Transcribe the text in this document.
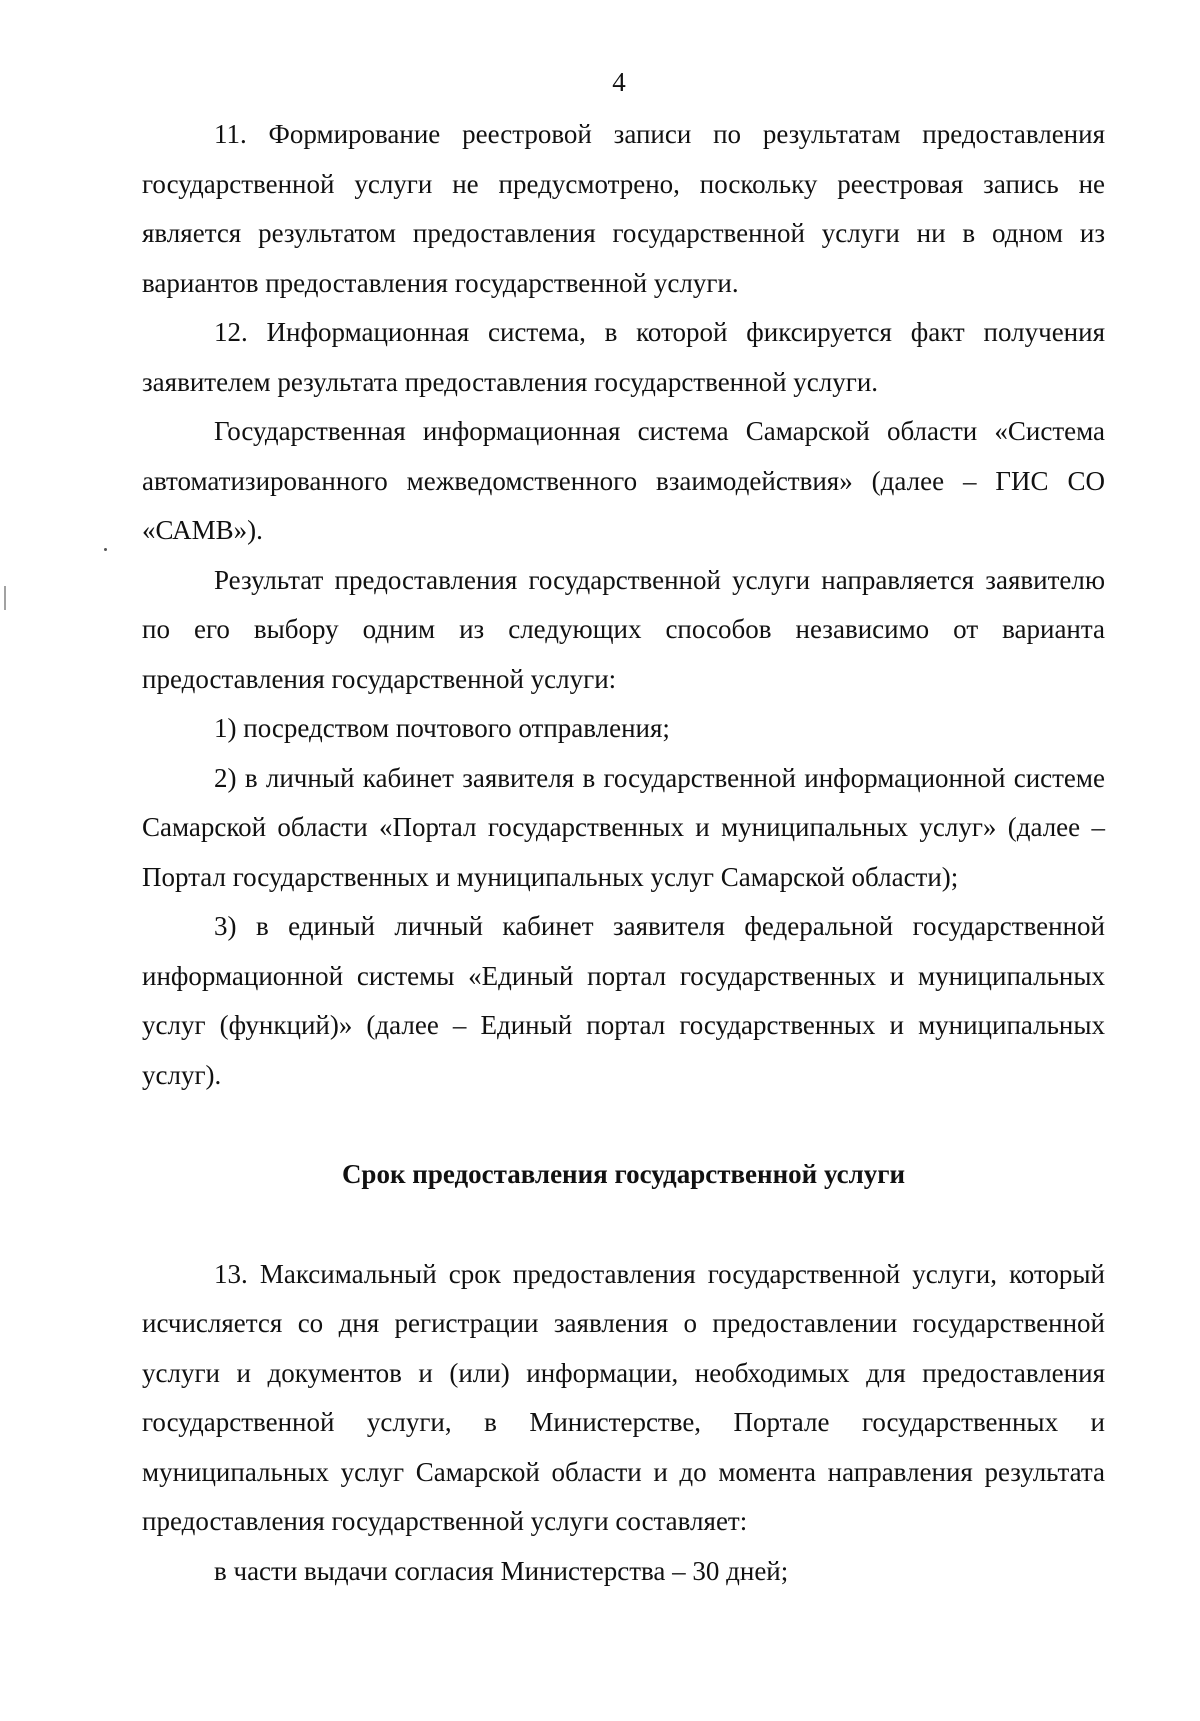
4

11. Формирование реестровой записи по результатам предоставления государственной услуги не предусмотрено, поскольку реестровая запись не является результатом предоставления государственной услуги ни в одном из вариантов предоставления государственной услуги.

12. Информационная система, в которой фиксируется факт получения заявителем результата предоставления государственной услуги.

Государственная информационная система Самарской области «Система автоматизированного межведомственного взаимодействия» (далее – ГИС СО «САМВ»).

Результат предоставления государственной услуги направляется заявителю по его выбору одним из следующих способов независимо от варианта предоставления государственной услуги:

1) посредством почтового отправления;

2) в личный кабинет заявителя в государственной информационной системе Самарской области «Портал государственных и муниципальных услуг» (далее – Портал государственных и муниципальных услуг Самарской области);

3) в единый личный кабинет заявителя федеральной государственной информационной системы «Единый портал государственных и муниципальных услуг (функций)» (далее – Единый портал государственных и муниципальных услуг).

Срок предоставления государственной услуги

13. Максимальный срок предоставления государственной услуги, который исчисляется со дня регистрации заявления о предоставлении государственной услуги и документов и (или) информации, необходимых для предоставления государственной услуги, в Министерстве, Портале государственных и муниципальных услуг Самарской области и до момента направления результата предоставления государственной услуги составляет:

в части выдачи согласия Министерства – 30 дней;
